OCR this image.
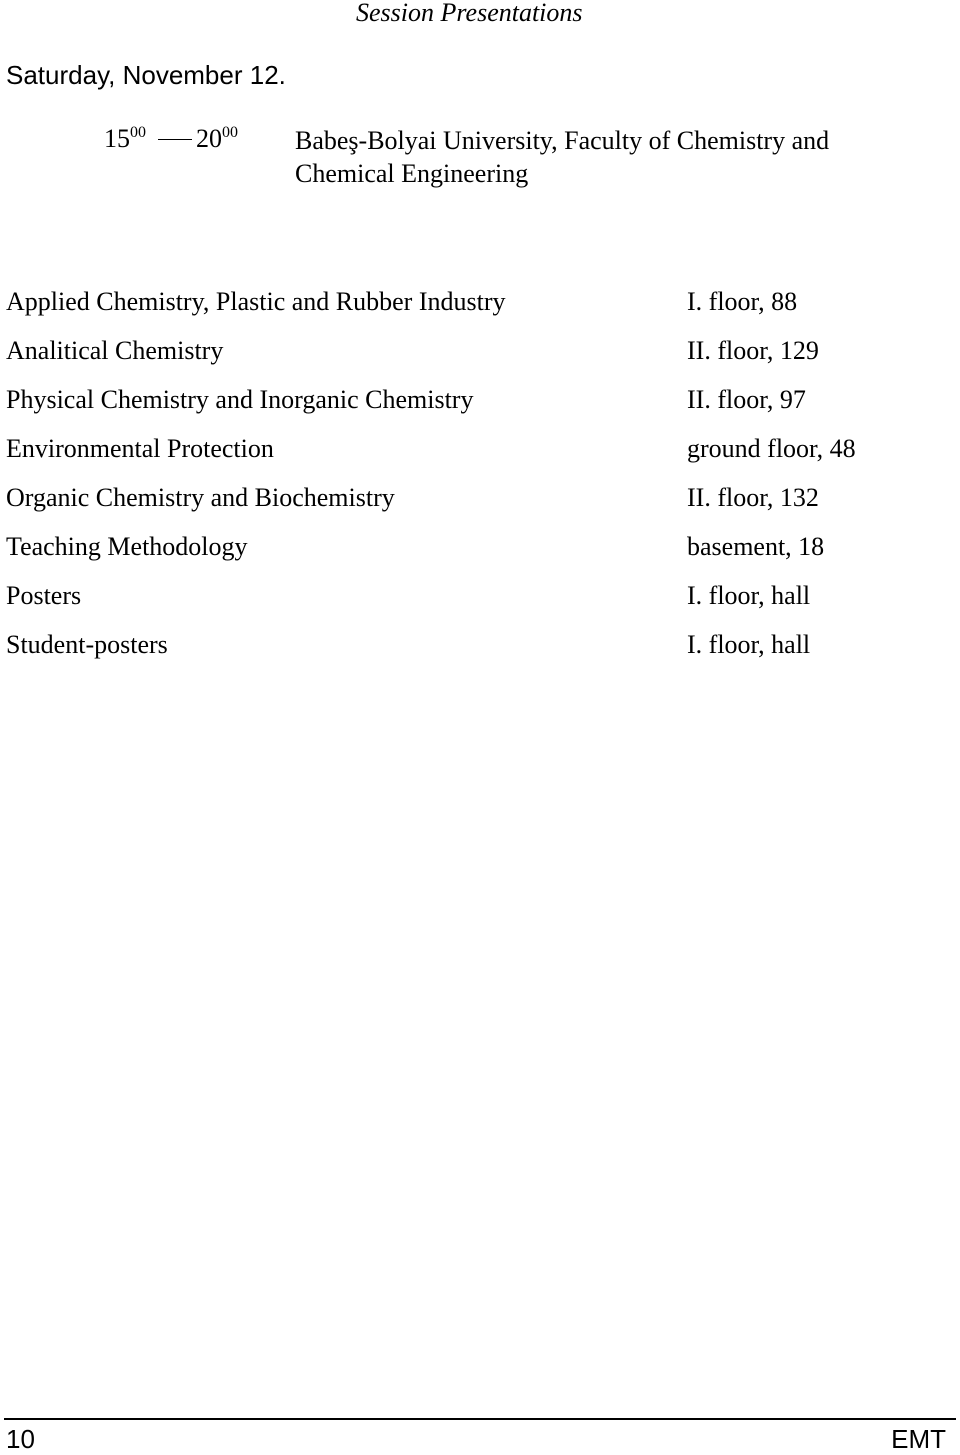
Session Presentations
Saturday, November 12.
$15^{00}$ $20^{00}$ Babeş-Bolyai University, Faculty of Chemistry and
Chemical Engineering
Applied Chemistry, Plastic and Rubber Industry	I. floor, 88
Analitical Chemistry	II. floor, 129
Physical Chemistry and Inorganic Chemistry	II. floor, 97
Environmental Protection	ground floor, 48
Organic Chemistry and Biochemistry	II. floor, 132
Teaching Methodology	basement, 18
Posters	I. floor, hall
Student-posters	I. floor, hall
10	EMT
